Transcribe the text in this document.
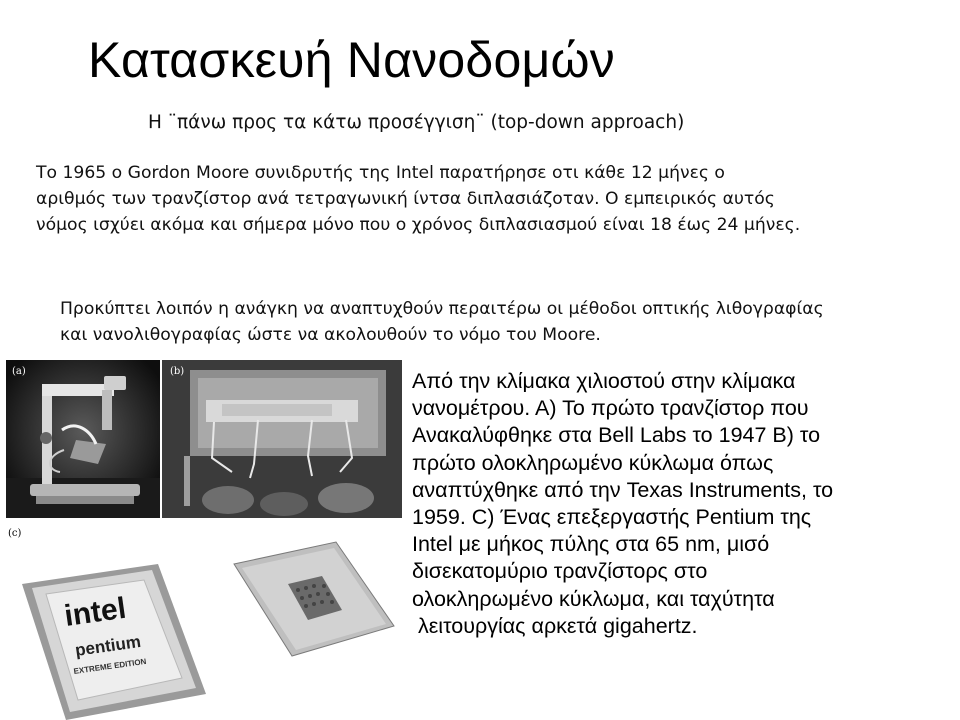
Κατασκευή Νανοδομών
Η ¨πάνω προς τα κάτω προσέγγιση¨ (top-down approach)
Το 1965 ο Gordon Moore συνιδρυτής της Intel παρατήρησε οτι κάθε 12 μήνες ο
αριθμός των τρανζίστορ ανά τετραγωνική ίντσα διπλασιάζοταν. Ο εμπειρικός αυτός
νόμος ισχύει ακόμα και σήμερα μόνο που ο χρόνος διπλασιασμού είναι 18 έως 24 μήνες.
Προκύπτει λοιπόν η ανάγκη να αναπτυχθούν περαιτέρω οι μέθοδοι οπτικής λιθογραφίας
και νανολιθογραφίας ώστε να ακολουθούν το νόμο του Moore.
(a)	(b)
intel
pentium
EXTREME EDITION
(c)
Από την κλίμακα χιλιοστού στην κλίμακα
νανομέτρου. Α) Το πρώτο τρανζίστορ που
Ανακαλύφθηκε στα Bell Labs το 1947 Β) το
πρώτο ολοκληρωμένο κύκλωμα όπως
αναπτύχθηκε από την Texas Instruments, το
1959. C) Ένας επεξεργαστής Pentium της
Intel με μήκος πύλης στα 65 nm, μισό
δισεκατομύριο τρανζίστορς στο
ολοκληρωμένο κύκλωμα, και ταχύτητα
λειτουργίας αρκετά gigahertz.
